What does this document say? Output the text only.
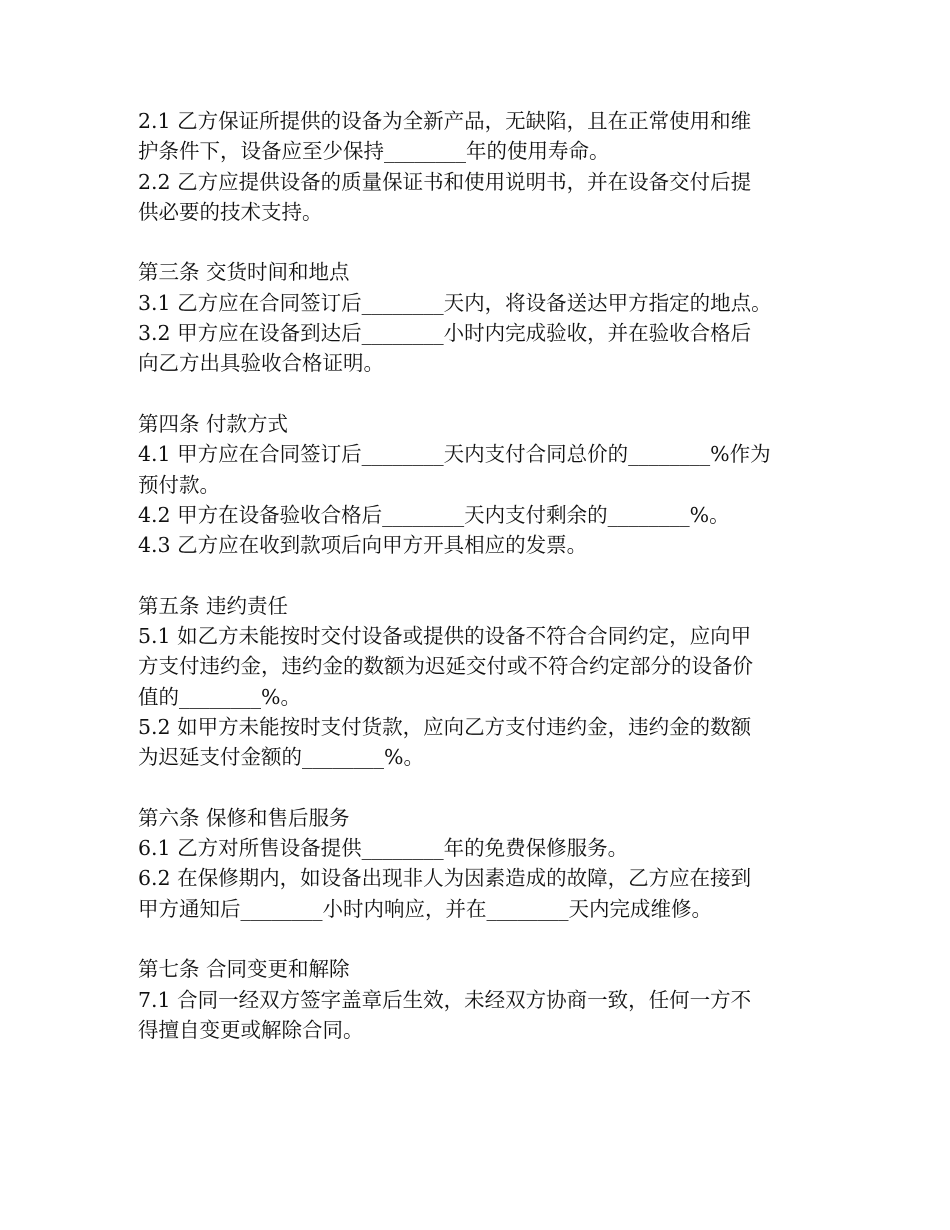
2.1 乙方保证所提供的设备为全新产品，无缺陷，且在正常使用和维
护条件下，设备应至少保持________年的使用寿命。
2.2 乙方应提供设备的质量保证书和使用说明书，并在设备交付后提
供必要的技术支持。
第三条 交货时间和地点
3.1 乙方应在合同签订后________天内，将设备送达甲方指定的地点。
3.2 甲方应在设备到达后________小时内完成验收，并在验收合格后
向乙方出具验收合格证明。
第四条 付款方式
4.1 甲方应在合同签订后________天内支付合同总价的________%作为
预付款。
4.2 甲方在设备验收合格后________天内支付剩余的________%。
4.3 乙方应在收到款项后向甲方开具相应的发票。
第五条 违约责任
5.1 如乙方未能按时交付设备或提供的设备不符合合同约定，应向甲
方支付违约金，违约金的数额为迟延交付或不符合约定部分的设备价
值的________%。
5.2 如甲方未能按时支付货款，应向乙方支付违约金，违约金的数额
为迟延支付金额的________%。
第六条 保修和售后服务
6.1 乙方对所售设备提供________年的免费保修服务。
6.2 在保修期内，如设备出现非人为因素造成的故障，乙方应在接到
甲方通知后________小时内响应，并在________天内完成维修。
第七条 合同变更和解除
7.1 合同一经双方签字盖章后生效，未经双方协商一致，任何一方不
得擅自变更或解除合同。
